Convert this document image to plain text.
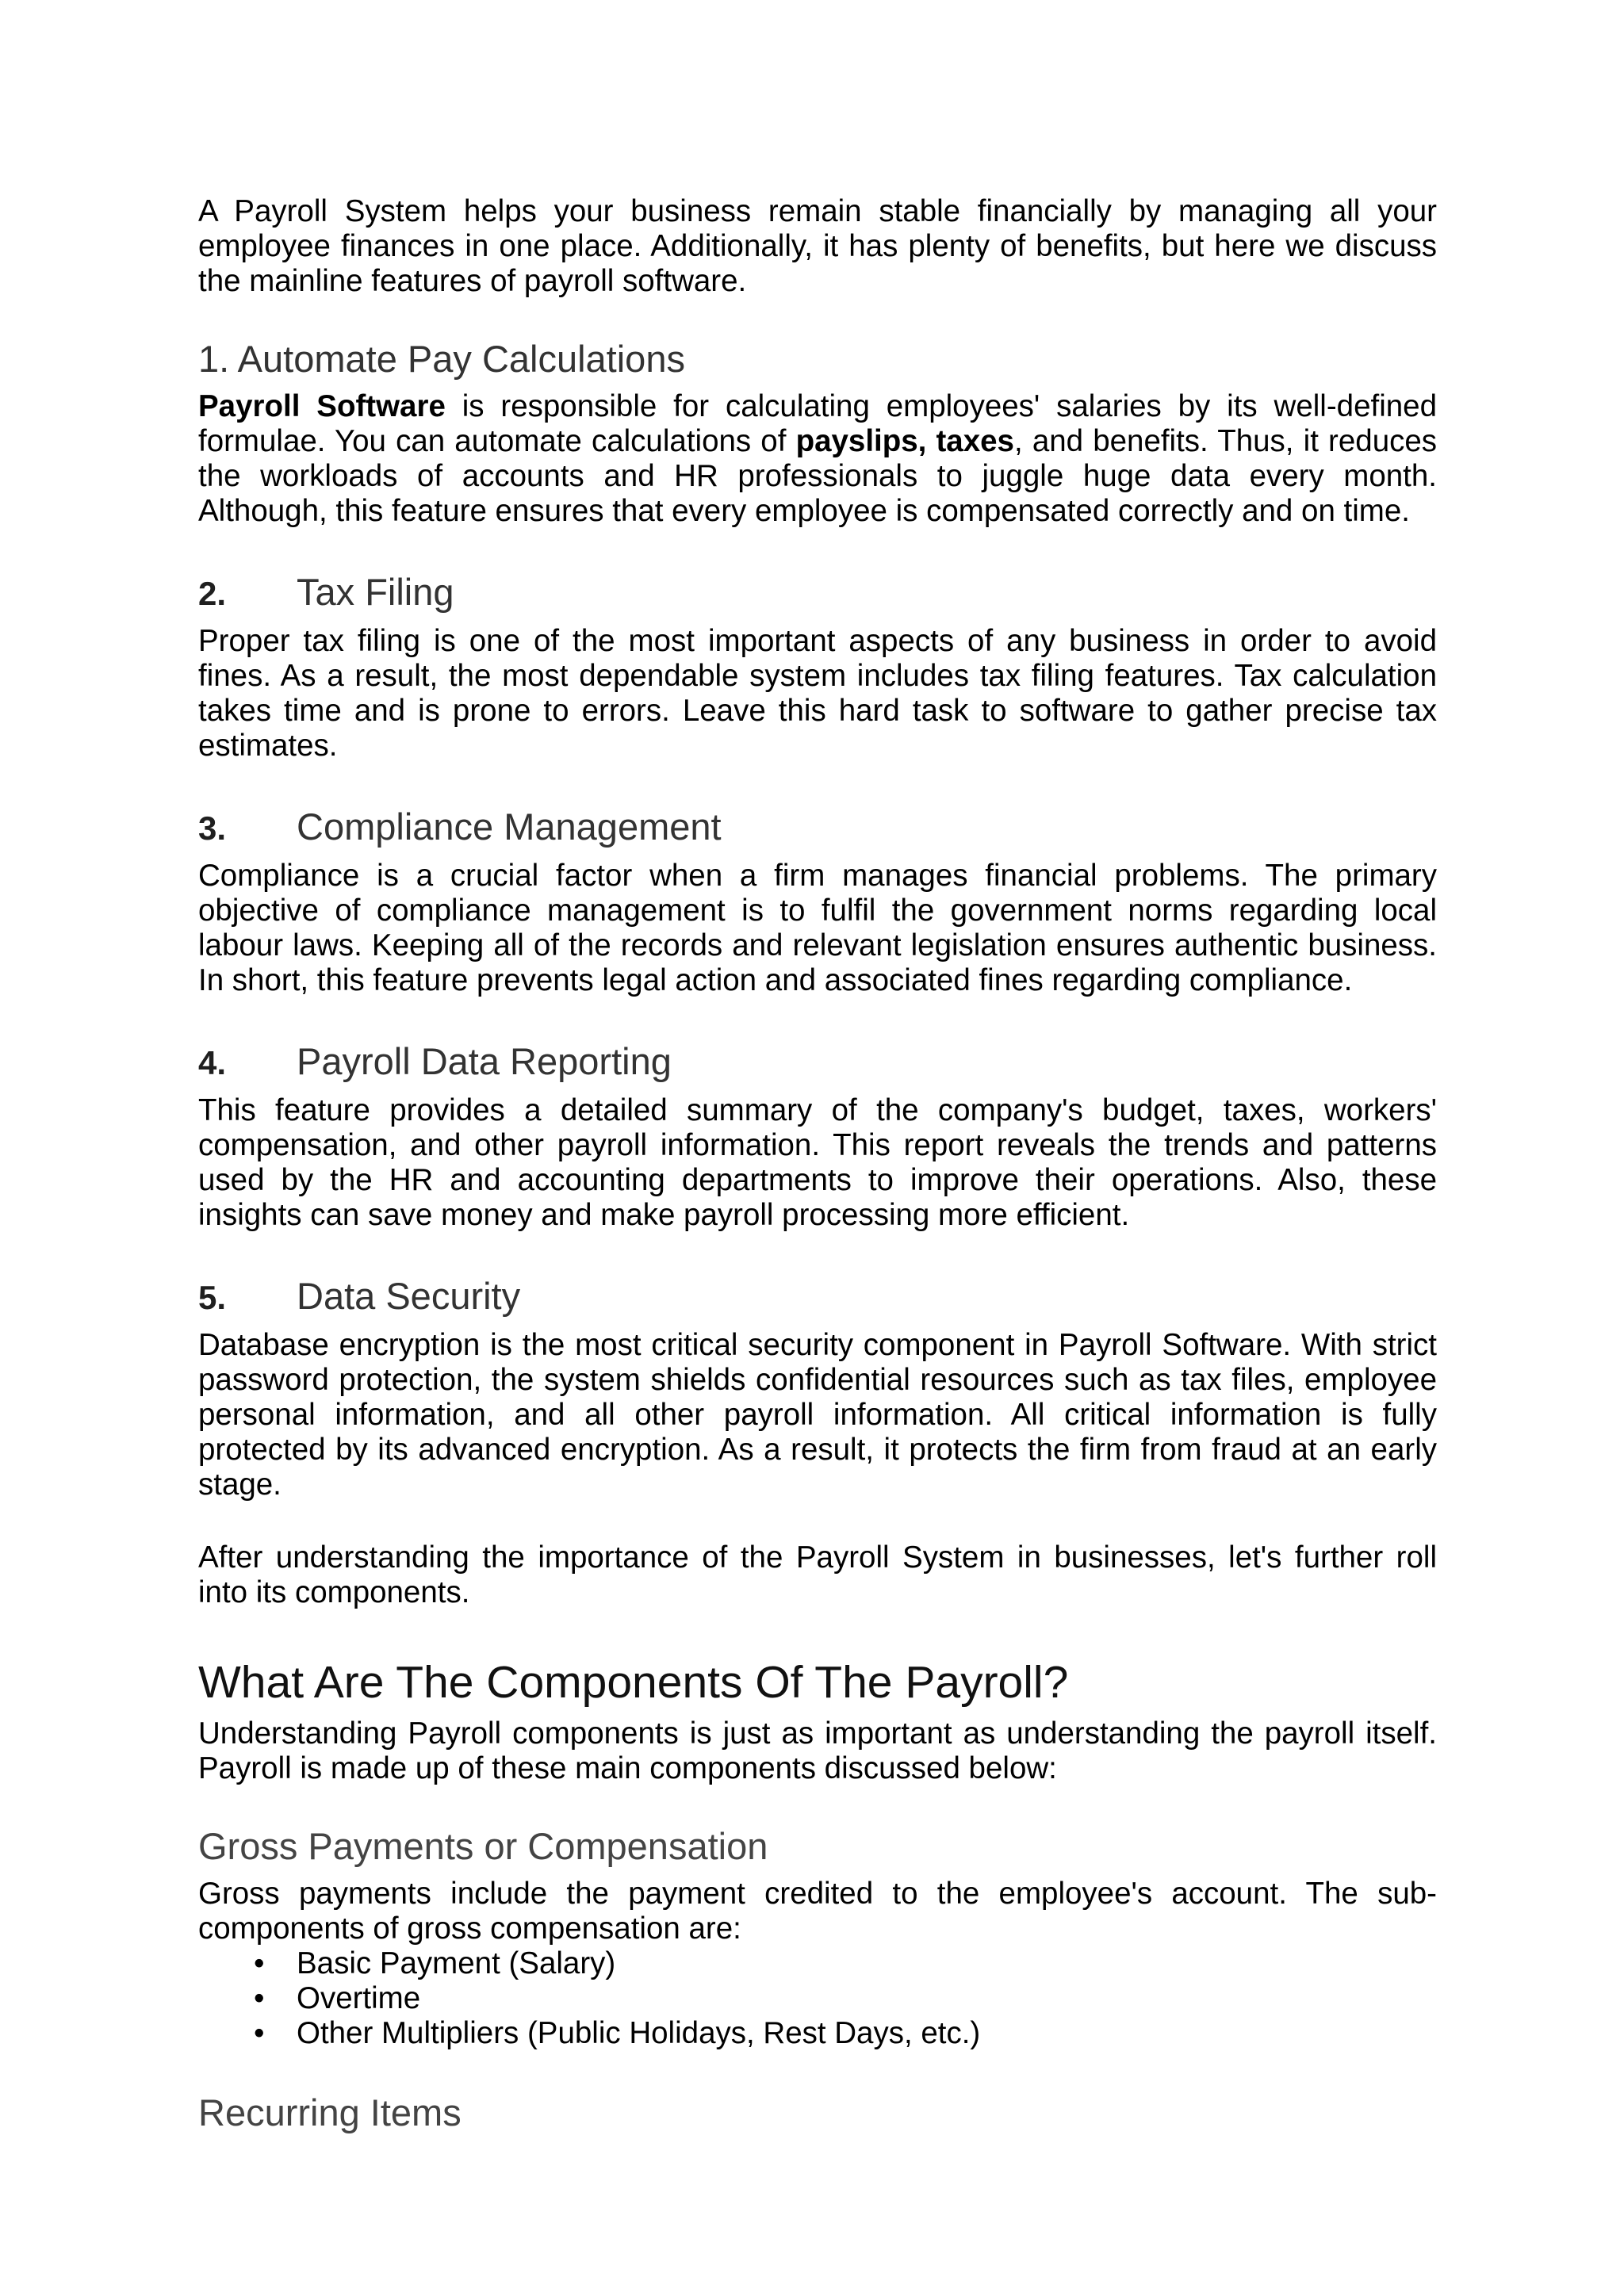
A Payroll System helps your business remain stable financially by managing all your employee finances in one place. Additionally, it has plenty of benefits, but here we discuss the mainline features of payroll software.

1. Automate Pay Calculations

Payroll Software is responsible for calculating employees' salaries by its well-defined formulae. You can automate calculations of payslips, taxes, and benefits. Thus, it reduces the workloads of accounts and HR professionals to juggle huge data every month. Although, this feature ensures that every employee is compensated correctly and on time.

2. Tax Filing

Proper tax filing is one of the most important aspects of any business in order to avoid fines. As a result, the most dependable system includes tax filing features. Tax calculation takes time and is prone to errors. Leave this hard task to software to gather precise tax estimates.

3. Compliance Management

Compliance is a crucial factor when a firm manages financial problems. The primary objective of compliance management is to fulfil the government norms regarding local labour laws. Keeping all of the records and relevant legislation ensures authentic business. In short, this feature prevents legal action and associated fines regarding compliance.

4. Payroll Data Reporting

This feature provides a detailed summary of the company's budget, taxes, workers' compensation, and other payroll information. This report reveals the trends and patterns used by the HR and accounting departments to improve their operations. Also, these insights can save money and make payroll processing more efficient.

5. Data Security

Database encryption is the most critical security component in Payroll Software. With strict password protection, the system shields confidential resources such as tax files, employee personal information, and all other payroll information. All critical information is fully protected by its advanced encryption. As a result, it protects the firm from fraud at an early stage.

After understanding the importance of the Payroll System in businesses, let's further roll into its components.

What Are The Components Of The Payroll?

Understanding Payroll components is just as important as understanding the payroll itself. Payroll is made up of these main components discussed below:

Gross Payments or Compensation

Gross payments include the payment credited to the employee's account. The sub-components of gross compensation are:

• Basic Payment (Salary)
• Overtime
• Other Multipliers (Public Holidays, Rest Days, etc.)
Recurring Items
